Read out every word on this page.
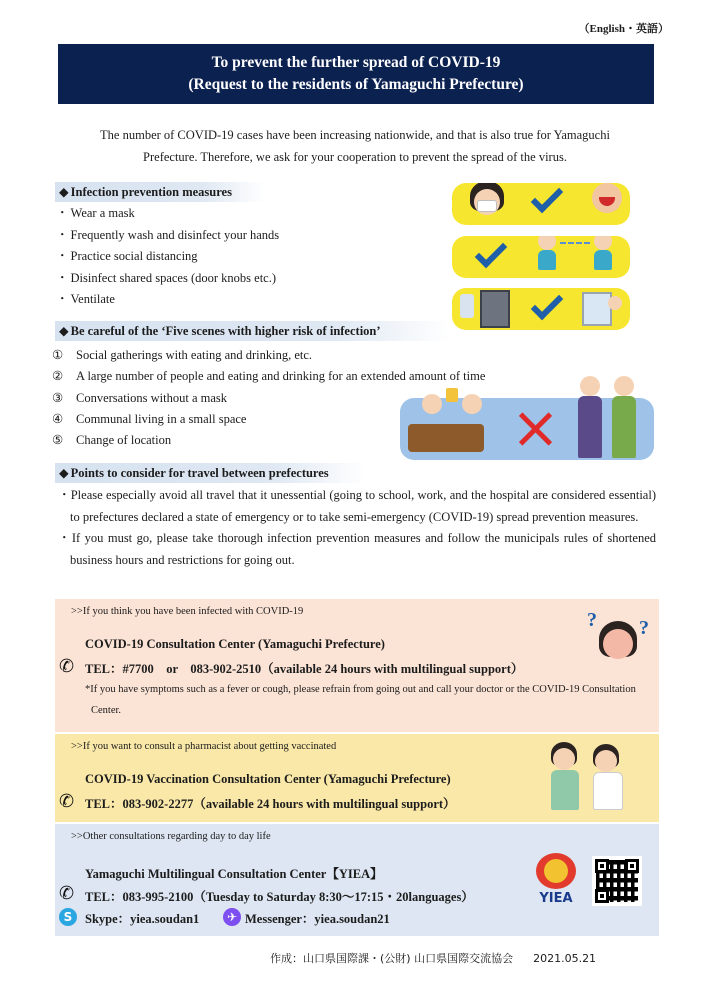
（English・英語）
To prevent the further spread of COVID-19
(Request to the residents of Yamaguchi Prefecture)
The number of COVID-19 cases have been increasing nationwide, and that is also true for Yamaguchi
Prefecture. Therefore, we ask for your cooperation to prevent the spread of the virus.
◆ Infection prevention measures
・ Wear a mask
・ Frequently wash and disinfect your hands
・ Practice social distancing
・ Disinfect shared spaces (door knobs etc.)
・ Ventilate
◆ Be careful of the ‘Five scenes with higher risk of infection’
① Social gatherings with eating and drinking, etc.
② A large number of people and eating and drinking for an extended amount of time
③ Conversations without a mask
④ Communal living in a small space
⑤ Change of location
◆ Points to consider for travel between prefectures

・ Please especially avoid all travel that it unessential (going to school, work, and the hospital are considered essential) to prefectures declared a state of emergency or to take semi-emergency (COVID-19) spread prevention measures.

・ If you must go, please take thorough infection prevention measures and follow the municipals rules of shortened business hours and restrictions for going out.

>>If you think you have been infected with COVID-19
COVID-19 Consultation Center (Yamaguchi Prefecture)
✆ TEL：#7700　or　083-902-2510（available 24 hours with multilingual support）
*If you have symptoms such as a fever or cough, please refrain from going out and call your doctor or the COVID-19 Consultation Center.
? ?
>>If you want to consult a pharmacist about getting vaccinated
COVID-19 Vaccination Consultation Center (Yamaguchi Prefecture)
✆ TEL：083-902-2277（available 24 hours with multilingual support）
>>Other consultations regarding day to day life
Yamaguchi Multilingual Consultation Center【YIEA】
✆ TEL：083-995-2100（Tuesday to Saturday 8:30〜17:15・20languages）
S	Skype：yiea.soudan1	✈ Messenger：yiea.soudan21
YIEA
作成：山口県国際課・(公財) 山口県国際交流協会 2021.05.21
